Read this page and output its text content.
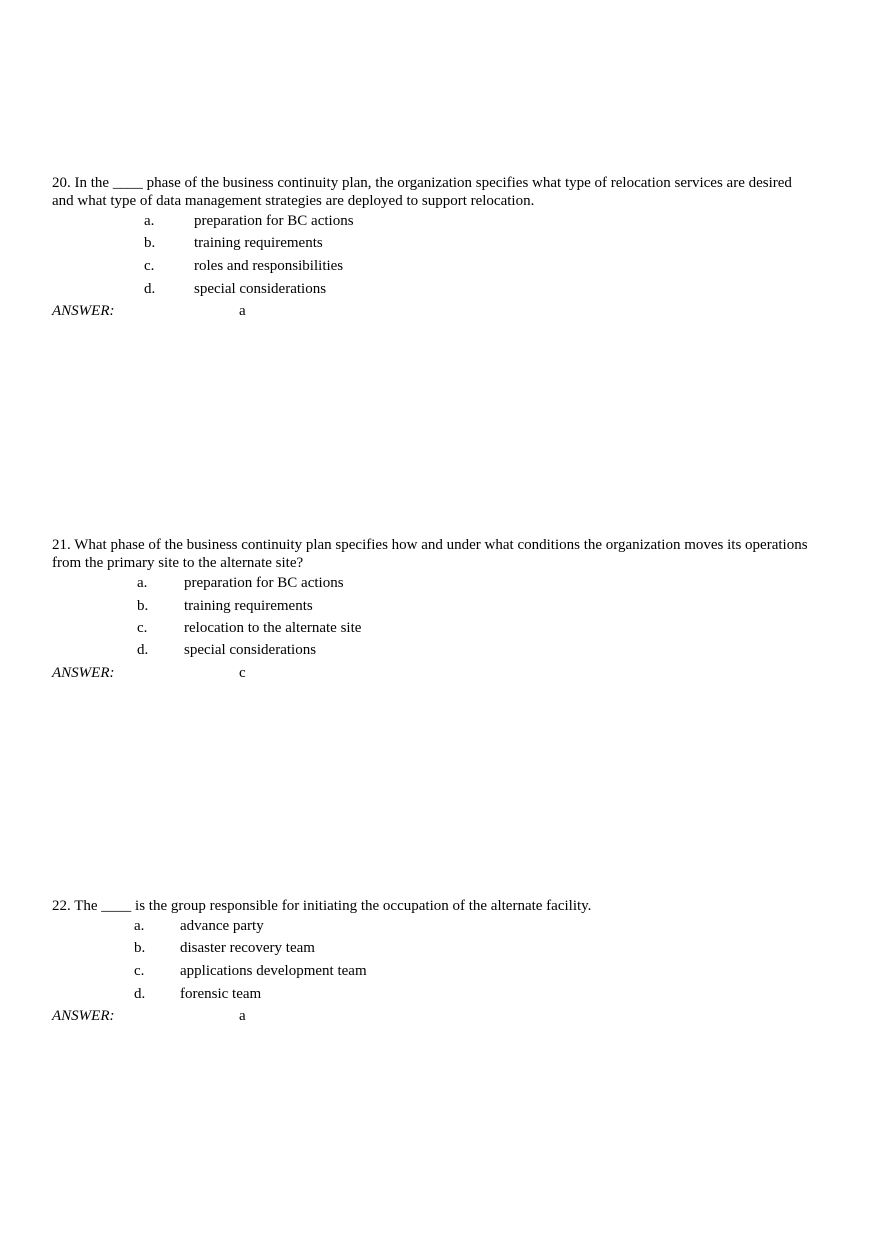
20. In the ____ phase of the business continuity plan, the organization specifies what type of relocation services are desired and what type of data management strategies are deployed to support relocation.

a.	preparation for BC actions
b.	training requirements
c.	roles and responsibilities
d.	special considerations
ANSWER:	a

21. What phase of the business continuity plan specifies how and under what conditions the organization moves its operations from the primary site to the alternate site?

a. preparation for BC actions
b. training requirements
c. relocation to the alternate site
d. special considerations
ANSWER:	c

22. The ____ is the group responsible for initiating the occupation of the alternate facility.

a. advance party
b. disaster recovery team
c. applications development team
d. forensic team
ANSWER:	a
